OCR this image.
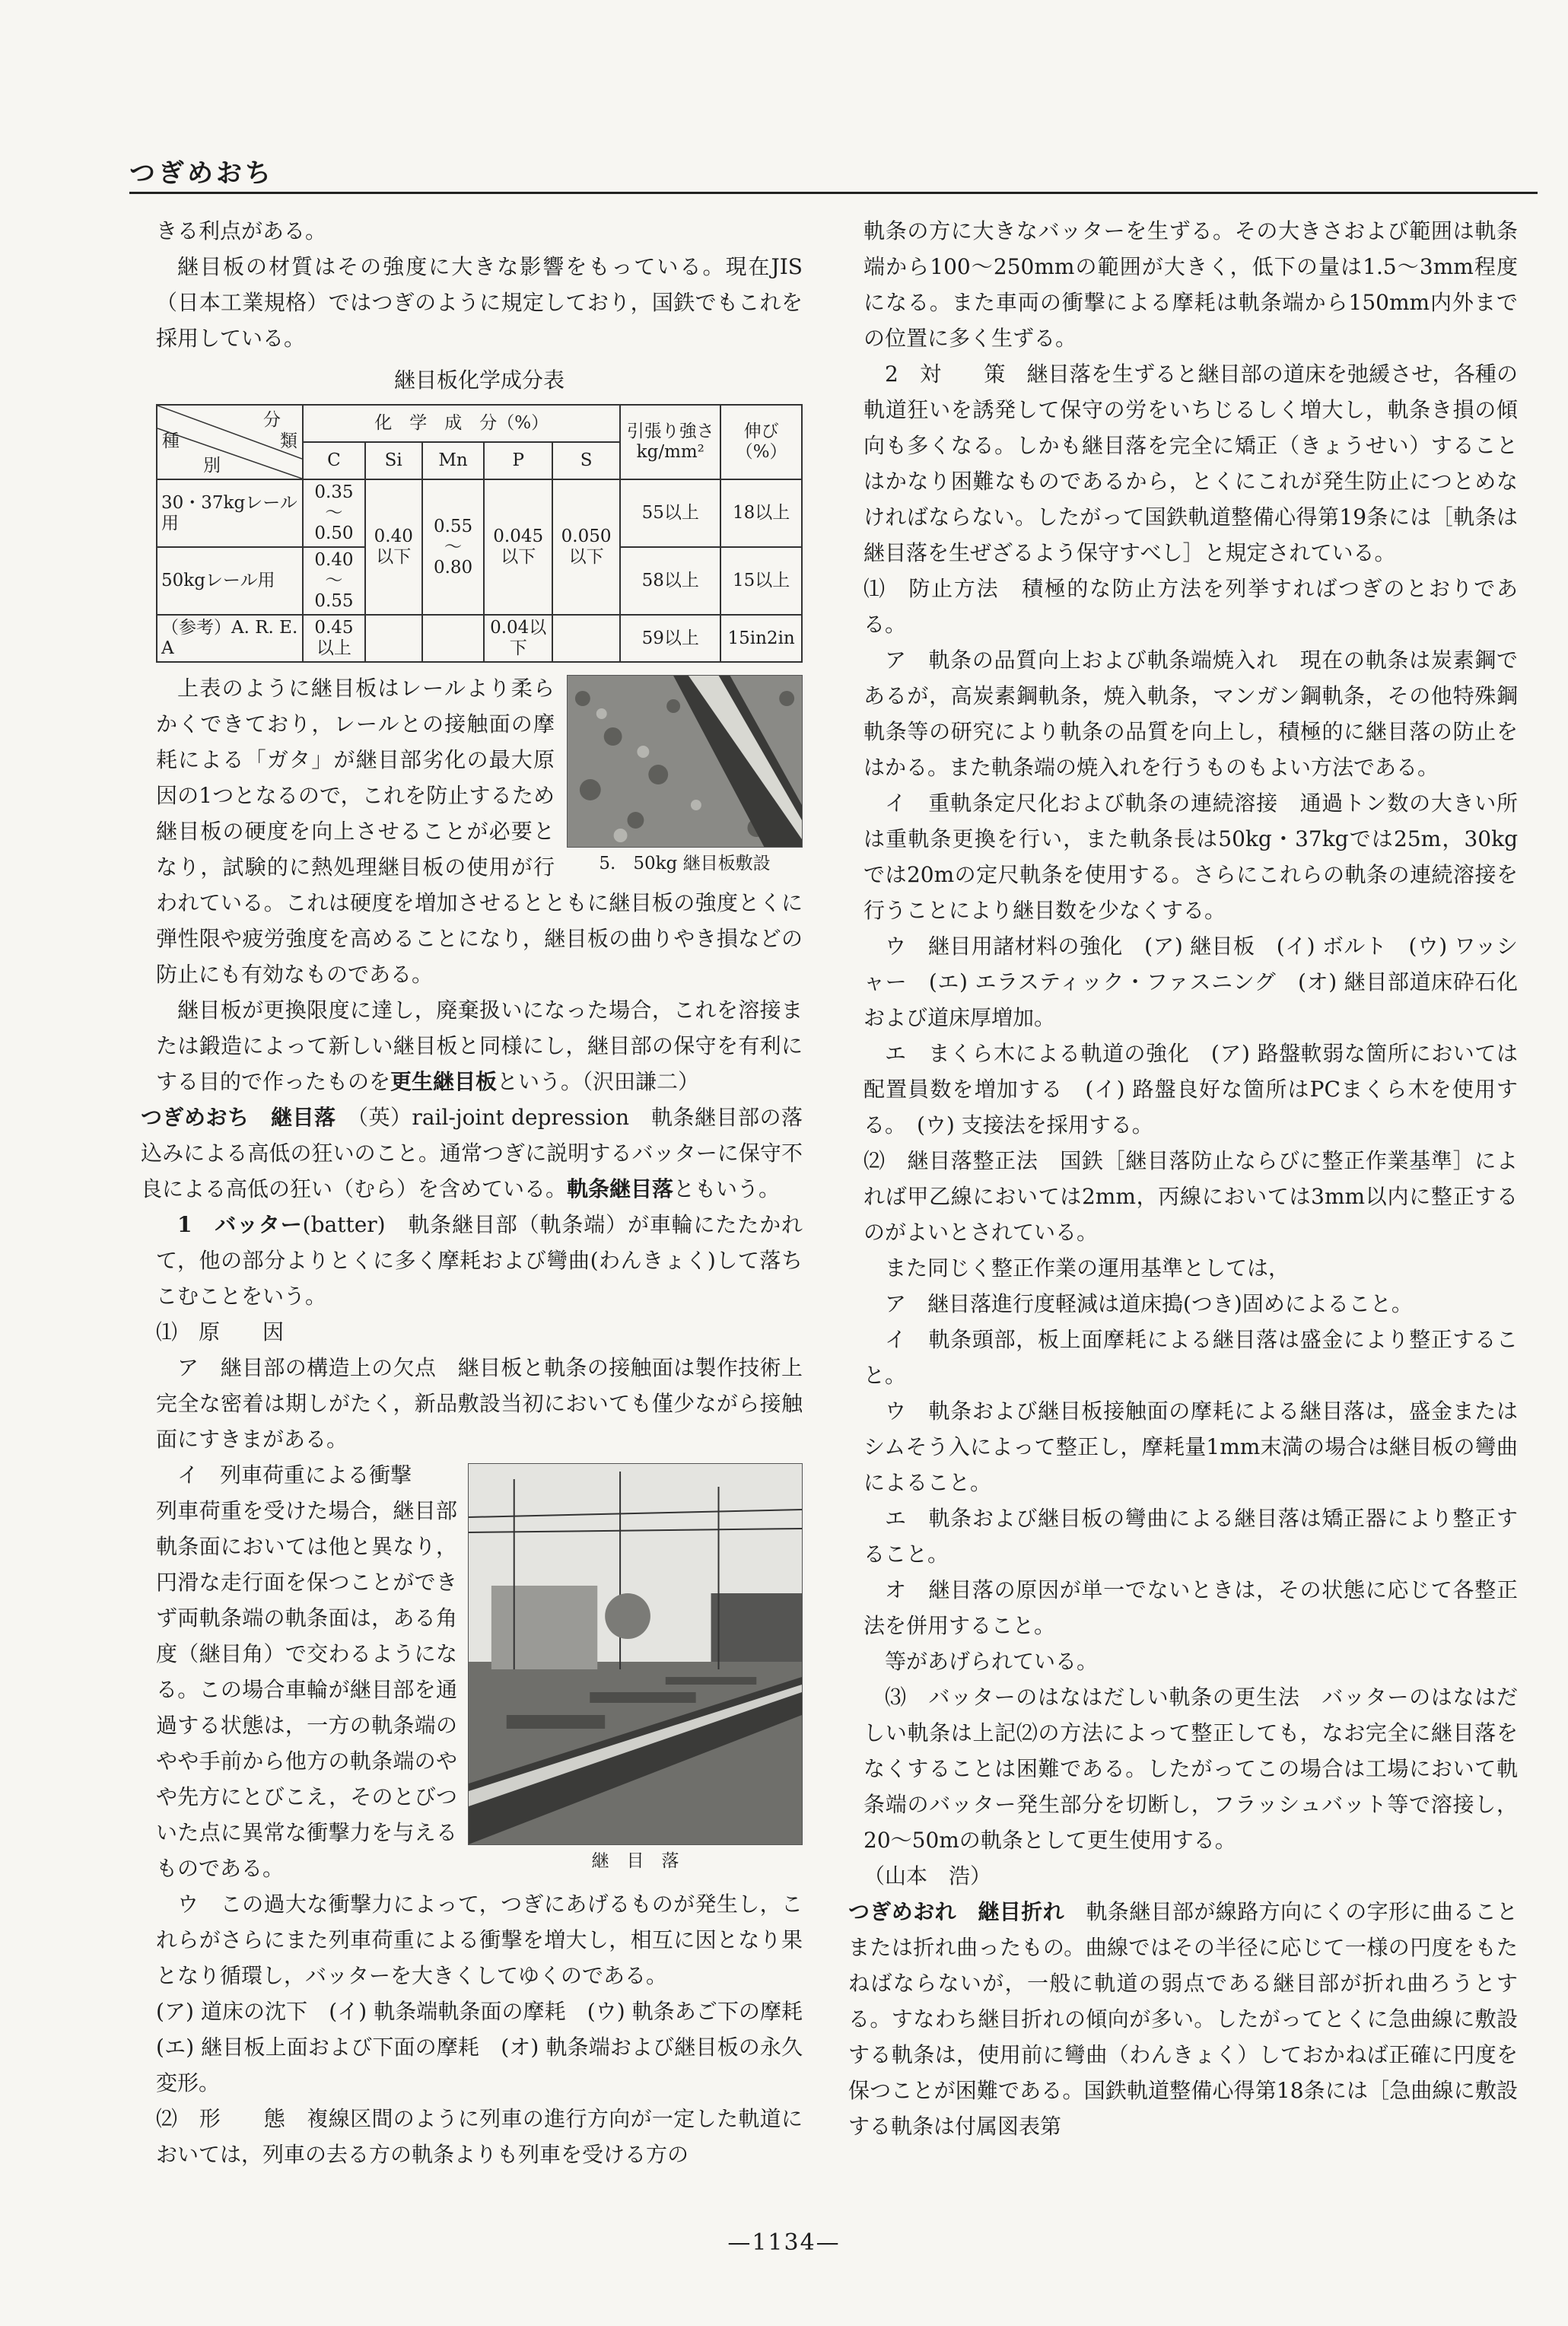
つぎめおち

きる利点がある。

継目板の材質はその強度に大きな影響をもっている。現在JIS（日本工業規格）ではつぎのように規定しており，国鉄でもこれを採用している。

継目板化学成分表
分
種 類
別	化　学　成　分（%）					引張り強さ kg/mm²	伸び（%）
	C	Si	Mn	P	S		
30・37kgレール用	0.35～0.50	0.40以下	0.55～0.80	0.045以下	0.050以下	55以上	18以上
50kgレール用	0.40～0.55					58以上	15以上
（参考）A. R. E. A	0.45以上			0.04以下		59以上	15in2in
5.　50kg 継目板敷設

上表のように継目板はレールより柔らかくできており，レールとの接触面の摩耗による「ガタ」が継目部劣化の最大原因の1つとなるので，これを防止するため継目板の硬度を向上させることが必要となり，試験的に熱処理継目板の使用が行われている。これは硬度を増加させるとともに継目板の強度とくに弾性限や疲労強度を高めることになり，継目板の曲りやき損などの防止にも有効なものである。

継目板が更換限度に達し，廃棄扱いになった場合，これを溶接または鍛造によって新しい継目板と同様にし，継目部の保守を有利にする目的で作ったものを更生継目板という。（沢田謙二）

つぎめおち　継目落　 （英）rail-joint depression　軌条継目部の落込みによる高低の狂いのこと。通常つぎに説明するバッターに保守不良による高低の狂い（むら）を含めている。軌条継目落ともいう。

1　バッター(batter)　軌条継目部（軌条端）が車輪にたたかれて，他の部分よりとくに多く摩耗および彎曲(わんきょく)して落ちこむことをいう。

⑴　原　　因

ア　継目部の構造上の欠点　継目板と軌条の接触面は製作技術上完全な密着は期しがたく，新品敷設当初においても僅少ながら接触面にすきまがある。

継　目　落

イ　列車荷重による衝撃

列車荷重を受けた場合，継目部軌条面においては他と異なり，円滑な走行面を保つことができず両軌条端の軌条面は，ある角度（継目角）で交わるようになる。この場合車輪が継目部を通過する状態は，一方の軌条端のやや手前から他方の軌条端のやや先方にとびこえ，そのとびついた点に異常な衝撃力を与えるものである。

ウ　この過大な衝撃力によって，つぎにあげるものが発生し，これらがさらにまた列車荷重による衝撃を増大し，相互に因となり果となり循環し，バッターを大きくしてゆくのである。

(ア) 道床の沈下　(イ) 軌条端軌条面の摩耗　(ウ) 軌条あご下の摩耗　(エ) 継目板上面および下面の摩耗　(オ) 軌条端および継目板の永久変形。

⑵　形　　態　複線区間のように列車の進行方向が一定した軌道においては，列車の去る方の軌条よりも列車を受ける方の

軌条の方に大きなバッターを生ずる。その大きさおよび範囲は軌条端から100～250mmの範囲が大きく，低下の量は1.5～3mm程度になる。また車両の衝撃による摩耗は軌条端から150mm内外までの位置に多く生ずる。

2　対　　策　継目落を生ずると継目部の道床を弛緩させ，各種の軌道狂いを誘発して保守の労をいちじるしく増大し，軌条き損の傾向も多くなる。しかも継目落を完全に矯正（きょうせい）することはかなり困難なものであるから，とくにこれが発生防止につとめなければならない。したがって国鉄軌道整備心得第19条には［軌条は継目落を生ぜざるよう保守すべし］と規定されている。

⑴　防止方法　積極的な防止方法を列挙すればつぎのとおりである。

ア　軌条の品質向上および軌条端焼入れ　現在の軌条は炭素鋼であるが，高炭素鋼軌条，焼入軌条，マンガン鋼軌条，その他特殊鋼軌条等の研究により軌条の品質を向上し，積極的に継目落の防止をはかる。また軌条端の焼入れを行うものもよい方法である。

イ　重軌条定尺化および軌条の連続溶接　通過トン数の大きい所は重軌条更換を行い，また軌条長は50kg・37kgでは25m，30kgでは20mの定尺軌条を使用する。さらにこれらの軌条の連続溶接を行うことにより継目数を少なくする。

ウ　継目用諸材料の強化　(ア) 継目板　(イ) ボルト　(ウ) ワッシャー　(エ) エラスティック・ファスニング　(オ) 継目部道床砕石化および道床厚増加。

エ　まくら木による軌道の強化　(ア) 路盤軟弱な箇所においては配置員数を増加する　(イ) 路盤良好な箇所はPCまくら木を使用する。　(ウ) 支接法を採用する。

⑵　継目落整正法　国鉄［継目落防止ならびに整正作業基準］によれば甲乙線においては2mm，丙線においては3mm以内に整正するのがよいとされている。

また同じく整正作業の運用基準としては，

ア　継目落進行度軽減は道床搗(つき)固めによること。

イ　軌条頭部，板上面摩耗による継目落は盛金により整正すること。

ウ　軌条および継目板接触面の摩耗による継目落は，盛金またはシムそう入によって整正し，摩耗量1mm末満の場合は継目板の彎曲によること。

エ　軌条および継目板の彎曲による継目落は矯正器により整正すること。

オ　継目落の原因が単一でないときは，その状態に応じて各整正法を併用すること。

等があげられている。

⑶　バッターのはなはだしい軌条の更生法　バッターのはなはだしい軌条は上記⑵の方法によって整正しても，なお完全に継目落をなくすることは困難である。したがってこの場合は工場において軌条端のバッター発生部分を切断し，フラッシュバット等で溶接し，20～50mの軌条として更生使用する。

（山本　浩）

つぎめおれ　継目折れ　 軌条継目部が線路方向にくの字形に曲ることまたは折れ曲ったもの。曲線ではその半径に応じて一様の円度をもたねばならないが，一般に軌道の弱点である継目部が折れ曲ろうとする。すなわち継目折れの傾向が多い。したがってとくに急曲線に敷設する軌条は，使用前に彎曲（わんきょく）しておかねば正確に円度を保つことが困難である。国鉄軌道整備心得第18条には［急曲線に敷設する軌条は付属図表第

—1134—
